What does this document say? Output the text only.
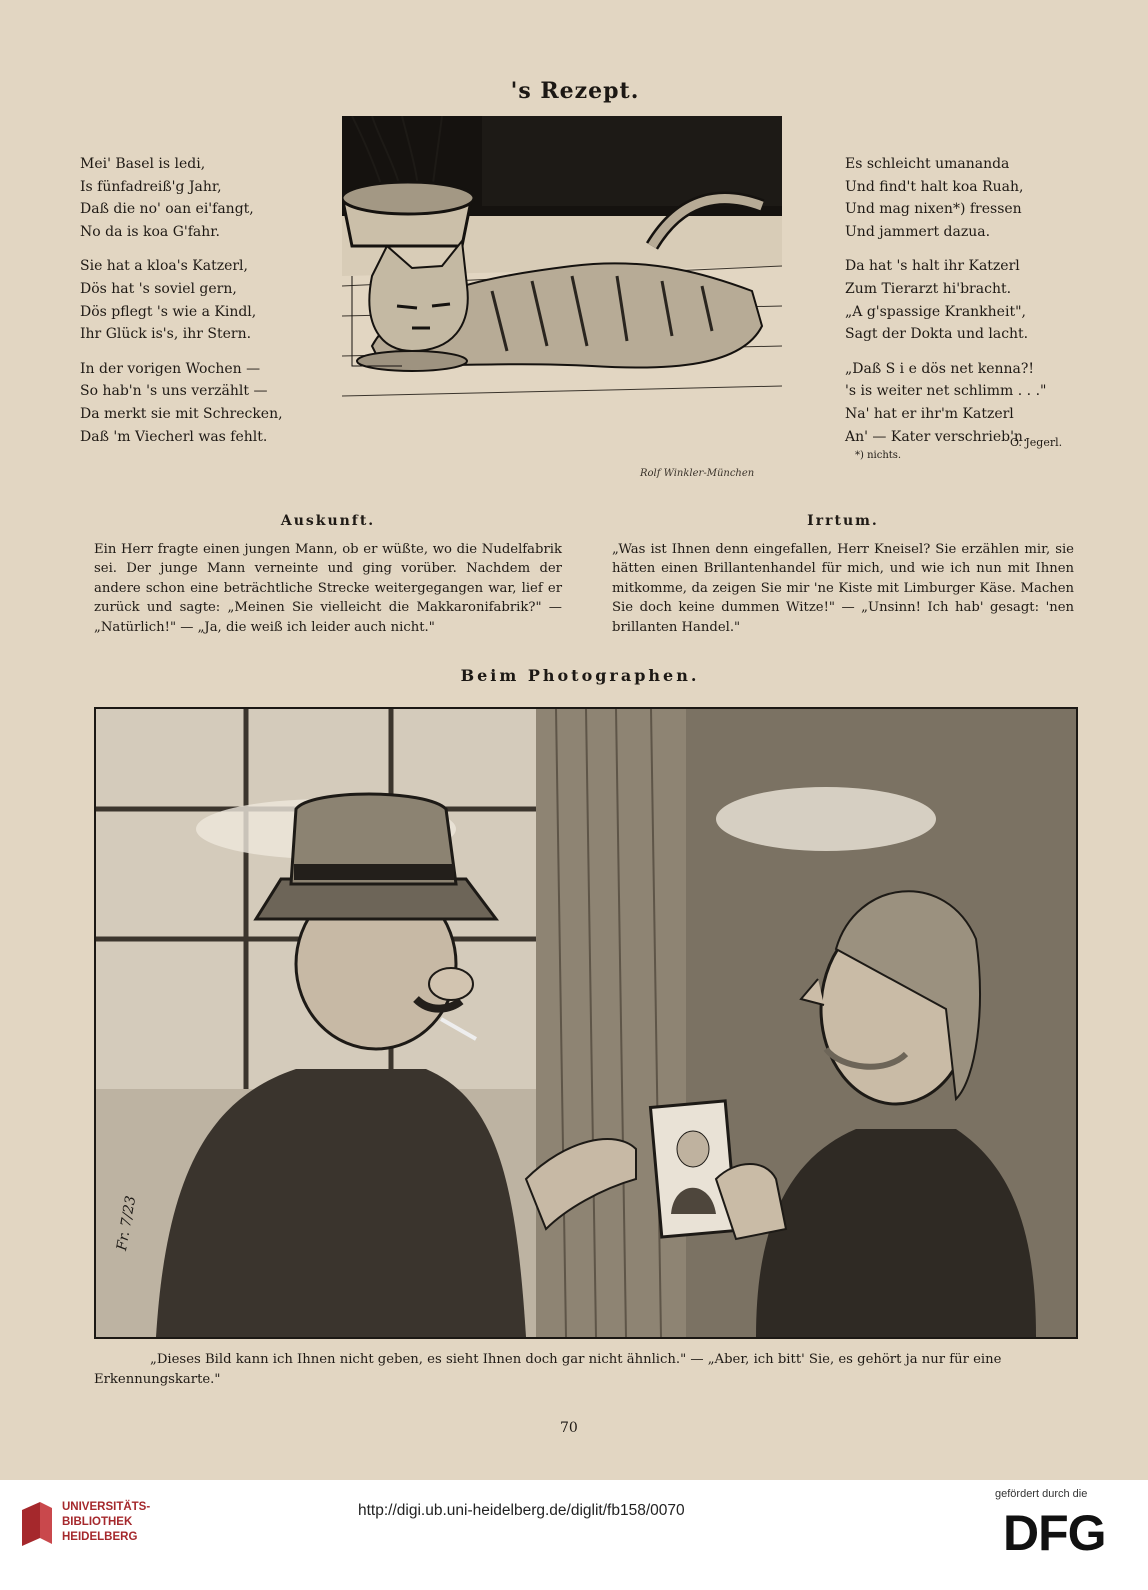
's Rezept.
Mei' Basel is ledi,
Is fünfadreiß'g Jahr,
Daß die no' oan ei'fangt,
No da is koa G'fahr.
Sie hat a kloa's Katzerl,
Dös hat 's soviel gern,
Dös pflegt 's wie a Kindl,
Ihr Glück is's, ihr Stern.
In der vorigen Wochen —
So hab'n 's uns verzählt —
Da merkt sie mit Schrecken,
Daß 'm Viecherl was fehlt.
Rolf Winkler-München
Es schleicht umananda
Und find't halt koa Ruah,
Und mag nixen*) fressen
Und jammert dazua.
Da hat 's halt ihr Katzerl
Zum Tierarzt hi'bracht.
„A g'spassige Krankheit",
Sagt der Dokta und lacht.
„Daß S i e dös net kenna?!
's is weiter net schlimm . . ."
Na' hat er ihr'm Katzerl
An' — Kater verschrieb'n.
O. Jegerl.
*) nichts.
Auskunft.
Ein Herr fragte einen jungen Mann, ob er wüßte, wo die Nudelfabrik sei. Der junge Mann verneinte und ging vorüber. Nachdem der andere schon eine beträchtliche Strecke weitergegangen war, lief er zurück und sagte: „Meinen Sie vielleicht die Makkaronifabrik?" — „Natürlich!" — „Ja, die weiß ich leider auch nicht."
Irrtum.
„Was ist Ihnen denn eingefallen, Herr Kneisel? Sie erzählen mir, sie hätten einen Brillantenhandel für mich, und wie ich nun mit Ihnen mitkomme, da zeigen Sie mir 'ne Kiste mit Limburger Käse. Machen Sie doch keine dummen Witze!" — „Unsinn! Ich hab' gesagt: 'nen brillanten Handel."
Beim Photographen.
Fr. 7/23
„Dieses Bild kann ich Ihnen nicht geben, es sieht Ihnen doch gar nicht ähnlich." — „Aber, ich bitt' Sie, es gehört ja nur für eine Erkennungskarte."
70
UNIVERSITÄTS-
BIBLIOTHEK
HEIDELBERG
http://digi.ub.uni-heidelberg.de/diglit/fb158/0070
gefördert durch die
DFG
